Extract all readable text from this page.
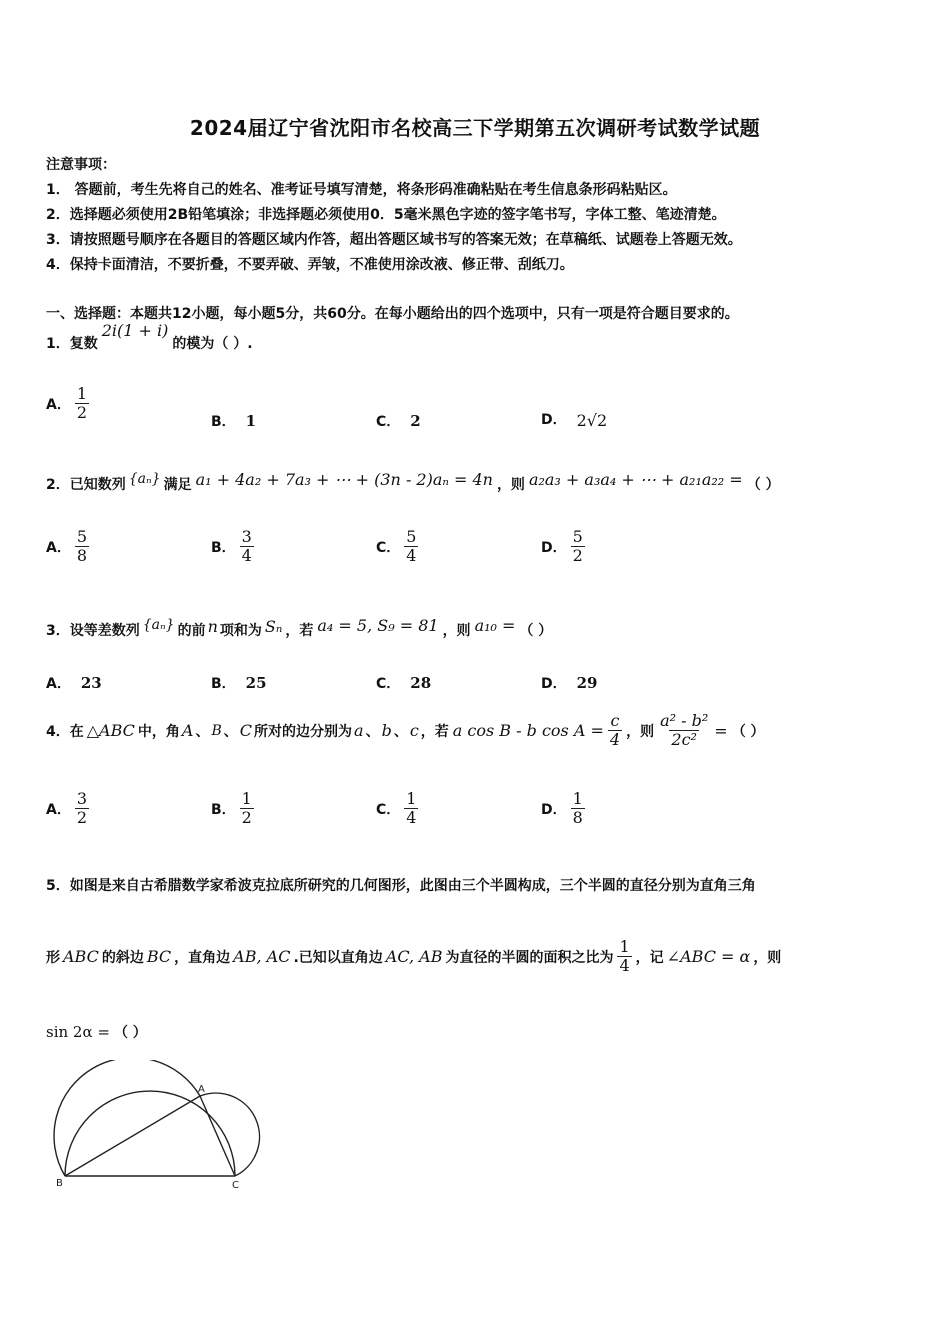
2024届辽宁省沈阳市名校高三下学期第五次调研考试数学试题
注意事项：
1． 答题前，考生先将自己的姓名、准考证号填写清楚，将条形码准确粘贴在考生信息条形码粘贴区。
2．选择题必须使用2B铅笔填涂；非选择题必须使用0．5毫米黑色字迹的签字笔书写，字体工整、笔迹清楚。
3．请按照题号顺序在各题目的答题区域内作答，超出答题区域书写的答案无效；在草稿纸、试题卷上答题无效。
4．保持卡面清洁，不要折叠，不要弄破、弄皱，不准使用涂改液、修正带、刮纸刀。
一、选择题：本题共12小题，每小题5分，共60分。在每小题给出的四个选项中，只有一项是符合题目要求的。
1．复数2i(1 + i)的模为（ ）.
A． $\frac{1}{2}$	B． 1	C． 2	D． 2√2
2．已知数列 {aₙ} 满足 a₁ + 4a₂ + 7a₃ + ⋯ + (3n - 2)aₙ = 4n ，则 a₂a₃ + a₃a₄ + ⋯ + a₂₁a₂₂ = （ ）
A． $\frac{5}{8}$	B． $\frac{3}{4}$	C． $\frac{5}{4}$	D． $\frac{5}{2}$
3．设等差数列 {aₙ} 的前 n 项和为 Sₙ ，若 a₄ = 5, S₉ = 81 ，则 a₁₀ = （ ）
A． 23	B． 25	C． 28	D． 29
4．在 △ABC 中，角 A 、 B 、 C 所对的边分别为 a 、 b 、 c ，若 a cos B - b $\cos A = \frac{c}{4}$ ，则 $\frac{\text{a² - b²}}{\text{2c²}}$ = （ ）
A． $\frac{3}{2}$	B． $\frac{1}{2}$	C． $\frac{1}{4}$	D． $\frac{1}{8}$
5．如图是来自古希腊数学家希波克拉底所研究的几何图形，此图由三个半圆构成，三个半圆的直径分别为直角三角
形 ABC 的斜边 BC ，直角边 AB, AC .已知以直角边 AC, AB 为直径的半圆的面积之比为 $\frac{1}{4}$ ，记 ∠ABC = α ，则
sin 2α = （ ）
A
B	C
